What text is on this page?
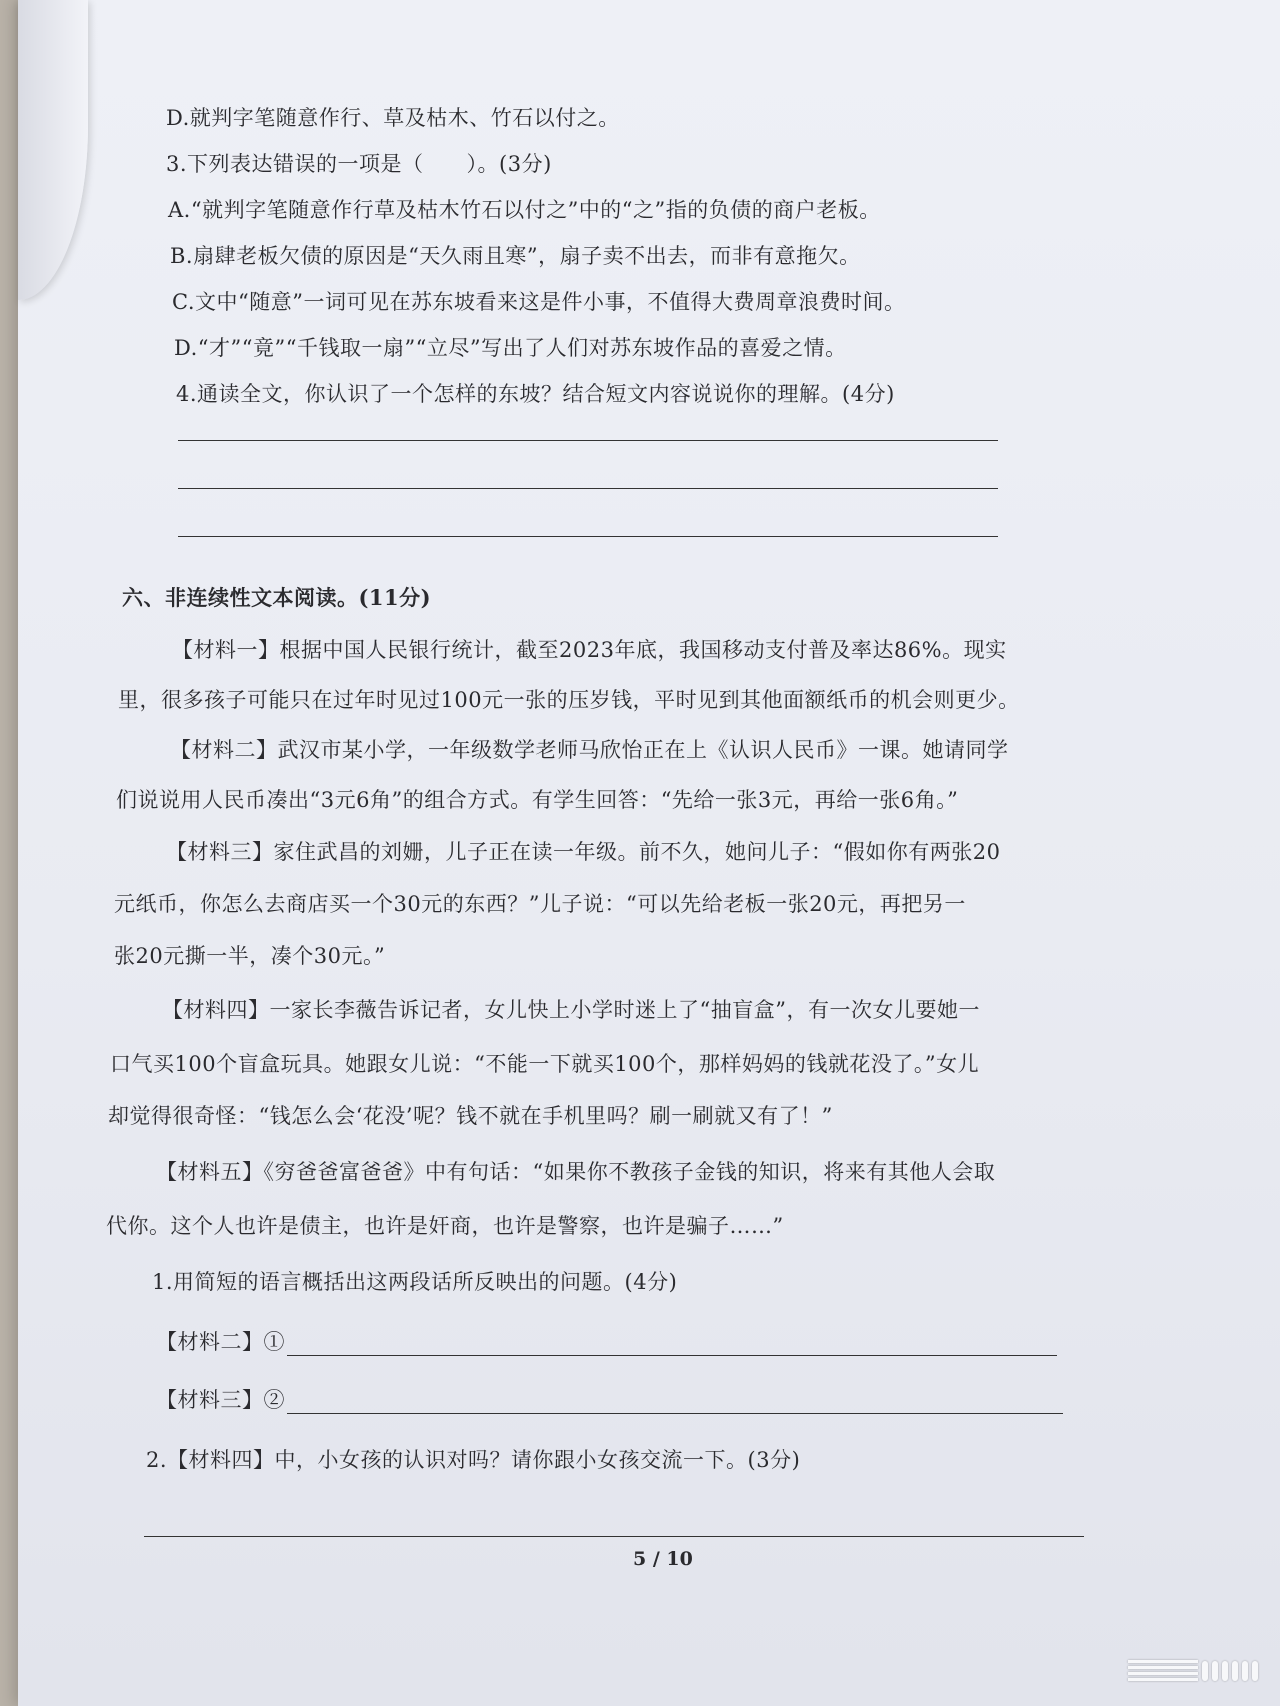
D.就判字笔随意作行、草及枯木、竹石以付之。
3.下列表达错误的一项是（　　）。(3分)
A.“就判字笔随意作行草及枯木竹石以付之”中的“之”指的负债的商户老板。
B.扇肆老板欠债的原因是“天久雨且寒”，扇子卖不出去，而非有意拖欠。
C.文中“随意”一词可见在苏东坡看来这是件小事，不值得大费周章浪费时间。
D.“才”“竟”“千钱取一扇”“立尽”写出了人们对苏东坡作品的喜爱之情。
4.通读全文，你认识了一个怎样的东坡？结合短文内容说说你的理解。(4分)
六、非连续性文本阅读。(11分)
【材料一】根据中国人民银行统计，截至2023年底，我国移动支付普及率达86%。现实
里，很多孩子可能只在过年时见过100元一张的压岁钱，平时见到其他面额纸币的机会则更少。
【材料二】武汉市某小学，一年级数学老师马欣怡正在上《认识人民币》一课。她请同学
们说说用人民币凑出“3元6角”的组合方式。有学生回答：“先给一张3元，再给一张6角。”
【材料三】家住武昌的刘姗，儿子正在读一年级。前不久，她问儿子：“假如你有两张20
元纸币，你怎么去商店买一个30元的东西？”儿子说：“可以先给老板一张20元，再把另一
张20元撕一半，凑个30元。”
【材料四】一家长李薇告诉记者，女儿快上小学时迷上了“抽盲盒”，有一次女儿要她一
口气买100个盲盒玩具。她跟女儿说：“不能一下就买100个，那样妈妈的钱就花没了。”女儿
却觉得很奇怪：“钱怎么会‘花没’呢？钱不就在手机里吗？刷一刷就又有了！”
【材料五】《穷爸爸富爸爸》中有句话：“如果你不教孩子金钱的知识，将来有其他人会取
代你。这个人也许是债主，也许是奸商，也许是警察，也许是骗子……”
1.用简短的语言概括出这两段话所反映出的问题。(4分)
【材料二】①
【材料三】②
2.【材料四】中，小女孩的认识对吗？请你跟小女孩交流一下。(3分)
5 / 10
